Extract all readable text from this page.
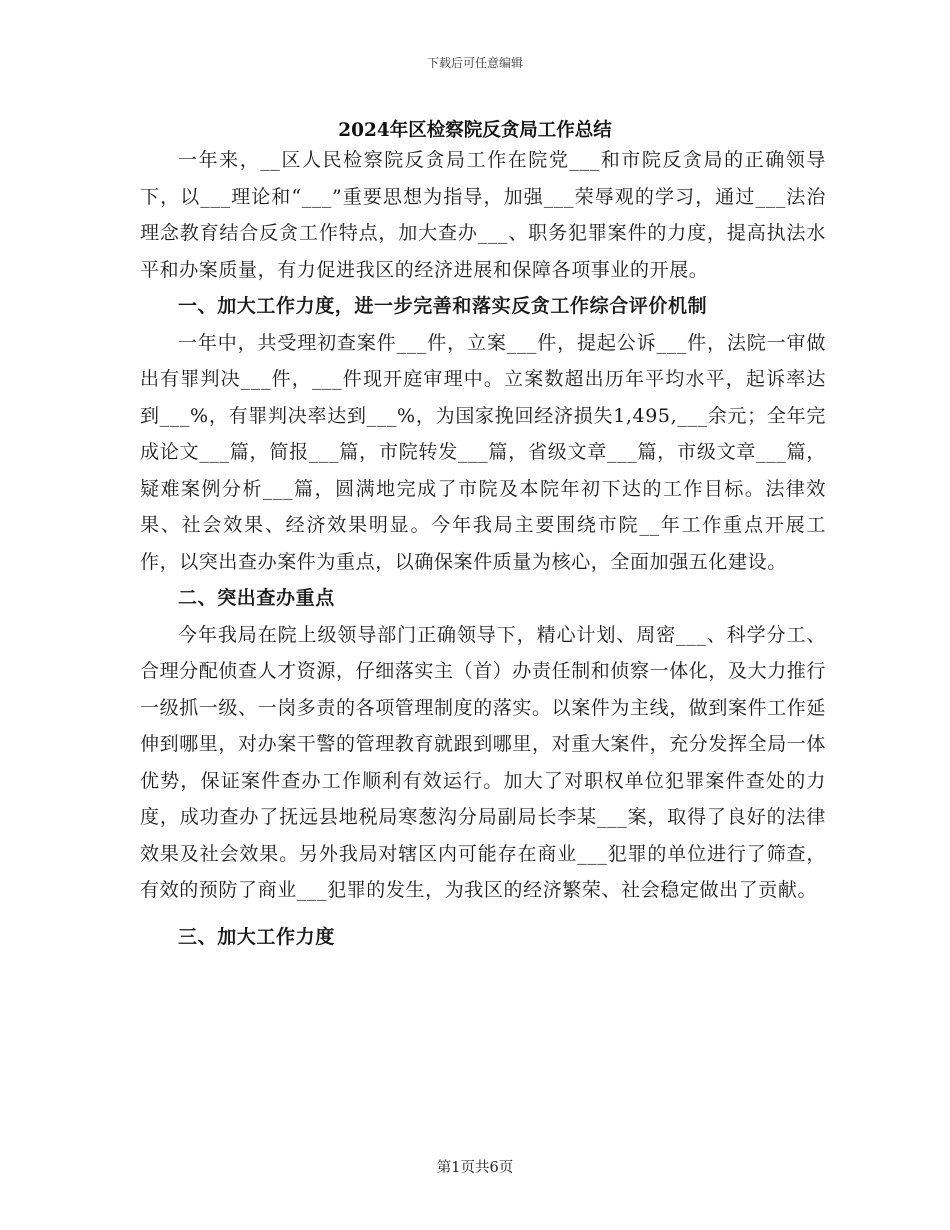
下载后可任意编辑
2024年区检察院反贪局工作总结

一年来，__区人民检察院反贪局工作在院党___和市院反贪局的正确领导下，以___理论和“___”重要思想为指导，加强___荣辱观的学习，通过___法治理念教育结合反贪工作特点，加大查办___、职务犯罪案件的力度，提高执法水平和办案质量，有力促进我区的经济进展和保障各项事业的开展。

一、加大工作力度，进一步完善和落实反贪工作综合评价机制

一年中，共受理初查案件___件，立案___件，提起公诉___件，法院一审做出有罪判决___件，___件现开庭审理中。立案数超出历年平均水平，起诉率达到___%，有罪判决率达到___%，为国家挽回经济损失1,495,___余元；全年完成论文___篇，简报___篇，市院转发___篇，省级文章___篇，市级文章___篇，疑难案例分析___篇，圆满地完成了市院及本院年初下达的工作目标。法律效果、社会效果、经济效果明显。今年我局主要围绕市院__年工作重点开展工作，以突出查办案件为重点，以确保案件质量为核心，全面加强五化建设。

二、突出查办重点

今年我局在院上级领导部门正确领导下，精心计划、周密___、科学分工、合理分配侦查人才资源，仔细落实主（首）办责任制和侦察一体化，及大力推行一级抓一级、一岗多责的各项管理制度的落实。以案件为主线，做到案件工作延伸到哪里，对办案干警的管理教育就跟到哪里，对重大案件，充分发挥全局一体优势，保证案件查办工作顺利有效运行。加大了对职权单位犯罪案件查处的力度，成功查办了抚远县地税局寒葱沟分局副局长李某___案，取得了良好的法律效果及社会效果。另外我局对辖区内可能存在商业___犯罪的单位进行了筛查，有效的预防了商业___犯罪的发生，为我区的经济繁荣、社会稳定做出了贡献。

三、加大工作力度

第1页共6页
